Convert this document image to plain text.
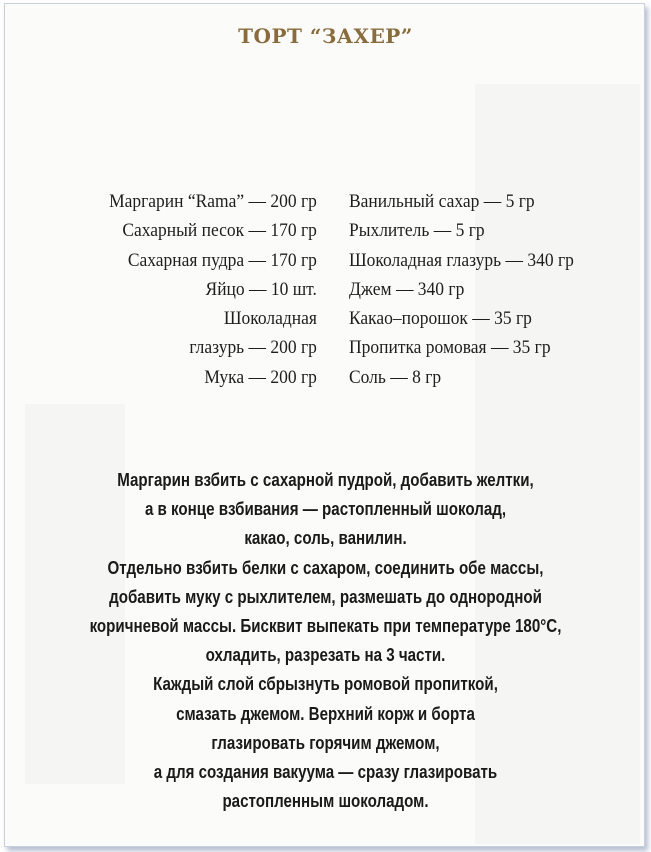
ТОРТ “ЗАХЕР”
Маргарин “Rama” — 200 гр
Сахарный песок — 170 гр
Сахарная пудра — 170 гр
Яйцо — 10 шт.
Шоколадная
глазурь — 200 гр
Мука — 200 гр
Ванильный сахар — 5 гр
Рыхлитель — 5 гр
Шоколадная глазурь — 340 гр
Джем — 340 гр
Какао–порошок — 35 гр
Пропитка ромовая — 35 гр
Соль — 8 гр
Маргарин взбить с сахарной пудрой, добавить желтки,
а в конце взбивания — растопленный шоколад,
какао, соль, ванилин.
Отдельно взбить белки с сахаром, соединить обе массы,
добавить муку с рыхлителем, размешать до однородной
коричневой массы. Бисквит выпекать при температуре 180°С,
охладить, разрезать на 3 части.
Каждый слой сбрызнуть ромовой пропиткой,
смазать джемом. Верхний корж и борта
глазировать горячим джемом,
а для создания вакуума — сразу глазировать
растопленным шоколадом.
